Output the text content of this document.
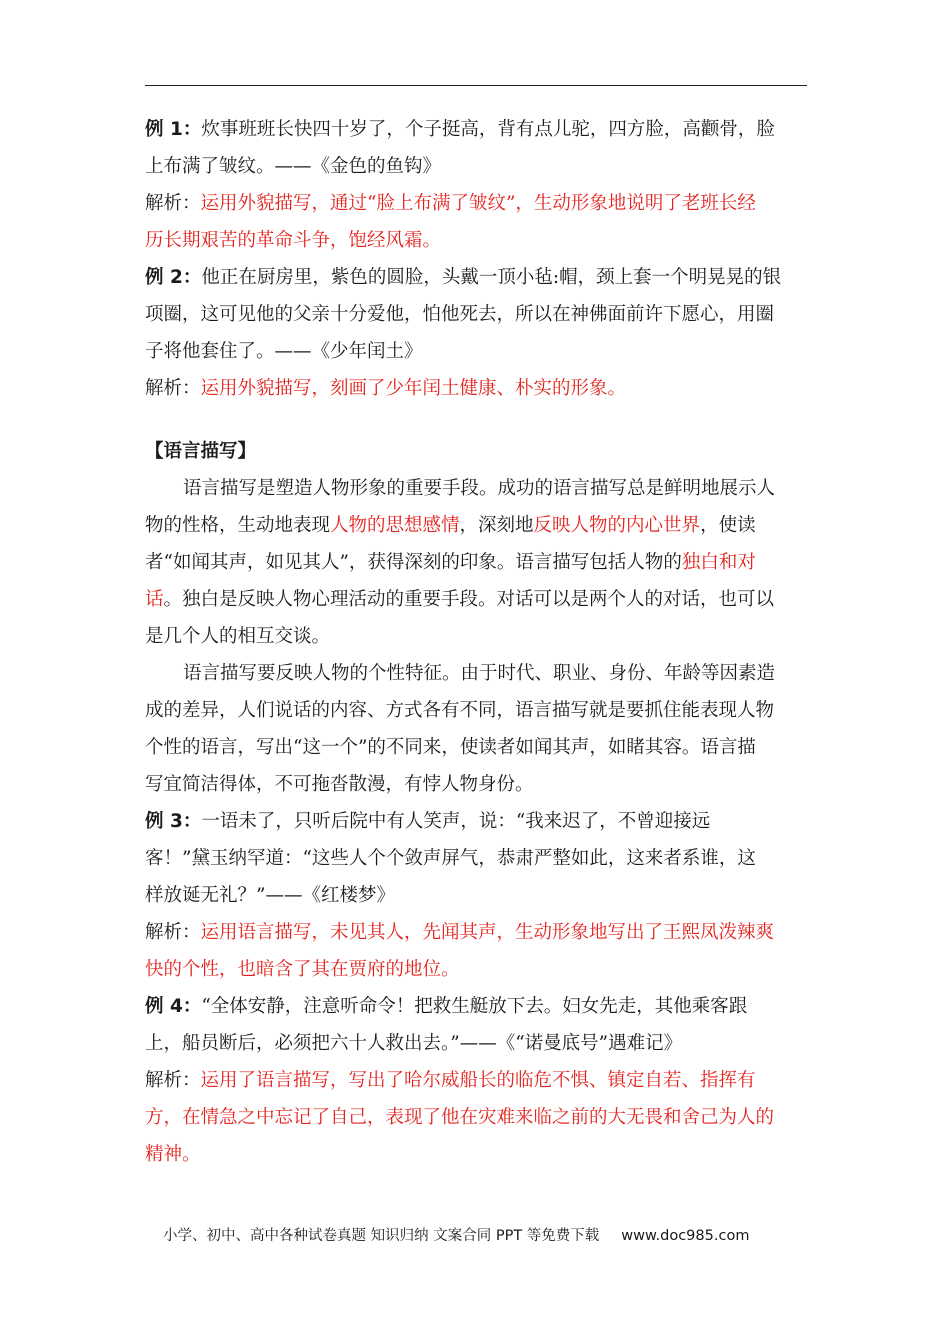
例 1：炊事班班长快四十岁了，个子挺高，背有点儿驼，四方脸，高颧骨，脸
上布满了皱纹。——《金色的鱼钩》
解析：运用外貌描写，通过“脸上布满了皱纹”，生动形象地说明了老班长经
历长期艰苦的革命斗争，饱经风霜。
例 2：他正在厨房里，紫色的圆脸，头戴一顶小毡:帽，颈上套一个明晃晃的银
项圈，这可见他的父亲十分爱他，怕他死去，所以在神佛面前许下愿心，用圈
子将他套住了。——《少年闰土》
解析：运用外貌描写，刻画了少年闰土健康、朴实的形象。
【语言描写】
语言描写是塑造人物形象的重要手段。成功的语言描写总是鲜明地展示人
物的性格，生动地表现人物的思想感情，深刻地反映人物的内心世界，使读
者“如闻其声，如见其人”，获得深刻的印象。语言描写包括人物的独白和对
话。独白是反映人物心理活动的重要手段。对话可以是两个人的对话，也可以
是几个人的相互交谈。
语言描写要反映人物的个性特征。由于时代、职业、身份、年龄等因素造
成的差异，人们说话的内容、方式各有不同，语言描写就是要抓住能表现人物
个性的语言，写出“这一个”的不同来，使读者如闻其声，如睹其容。语言描
写宜简洁得体，不可拖沓散漫，有悖人物身份。
例 3：一语未了，只听后院中有人笑声，说：“我来迟了，不曾迎接远
客！”黛玉纳罕道：“这些人个个敛声屏气，恭肃严整如此，这来者系谁，这
样放诞无礼？”——《红楼梦》
解析：运用语言描写，未见其人，先闻其声，生动形象地写出了王熙凤泼辣爽
快的个性，也暗含了其在贾府的地位。
例 4：“全体安静，注意听命令！把救生艇放下去。妇女先走，其他乘客跟
上，船员断后，必须把六十人救出去。”——《“诺曼底号”遇难记》
解析：运用了语言描写，写出了哈尔威船长的临危不惧、镇定自若、指挥有
方，在情急之中忘记了自己，表现了他在灾难来临之前的大无畏和舍己为人的
精神。
小学、初中、高中各种试卷真题 知识归纳 文案合同 PPT 等免费下载 www.doc985.com
